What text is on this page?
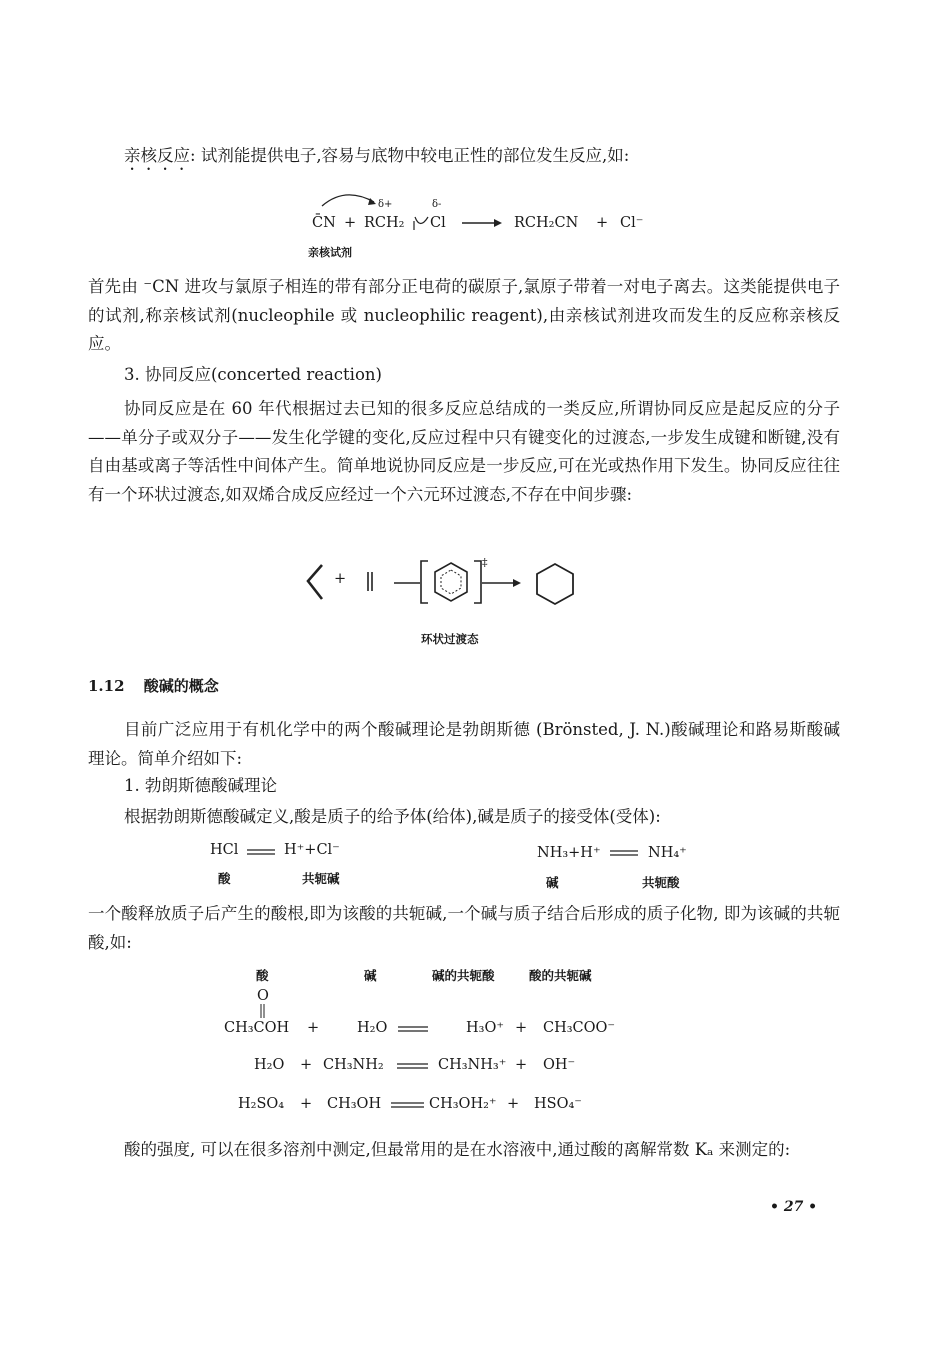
亲核反应: 试剂能提供电子,容易与底物中较电正性的部位发生反应,如:
δ+	δ-
C̄N + RCH₂ Cl	RCH₂CN + Cl⁻
亲核试剂
首先由 ⁻CN 进攻与氯原子相连的带有部分正电荷的碳原子,氯原子带着一对电子离去。这类能提供电子的试剂,称亲核试剂(nucleophile 或 nucleophilic reagent),由亲核试剂进攻而发生的反应称亲核反应。
3. 协同反应(concerted reaction)
协同反应是在 60 年代根据过去已知的很多反应总结成的一类反应,所谓协同反应是起反应的分子——单分子或双分子——发生化学键的变化,反应过程中只有键变化的过渡态,一步发生成键和断键,没有自由基或离子等活性中间体产生。简单地说协同反应是一步反应,可在光或热作用下发生。协同反应往往有一个环状过渡态,如双烯合成反应经过一个六元环过渡态,不存在中间步骤:
+
‡
环状过渡态
1.12 酸碱的概念
目前广泛应用于有机化学中的两个酸碱理论是勃朗斯德 (Brönsted, J. N.)酸碱理论和路易斯酸碱理论。简单介绍如下:
1. 勃朗斯德酸碱理论
根据勃朗斯德酸碱定义,酸是质子的给予体(给体),碱是质子的接受体(受体):
HCl	H⁺+Cl⁻
酸	共轭碱
NH₃+H⁺	NH₄⁺
碱	共轭酸
一个酸释放质子后产生的酸根,即为该酸的共轭碱,一个碱与质子结合后形成的质子化物, 即为该碱的共轭酸,如:
酸	碱	碱的共轭酸	酸的共轭碱
O
CH₃COH +	H₂O	H₃O⁺ + CH₃COO⁻
H₂O + CH₃NH₂	CH₃NH₃⁺ + OH⁻
H₂SO₄ + CH₃OH	CH₃OH₂⁺ + HSO₄⁻
酸的强度, 可以在很多溶剂中测定,但最常用的是在水溶液中,通过酸的离解常数 Kₐ 来测定的:
• 27 •
